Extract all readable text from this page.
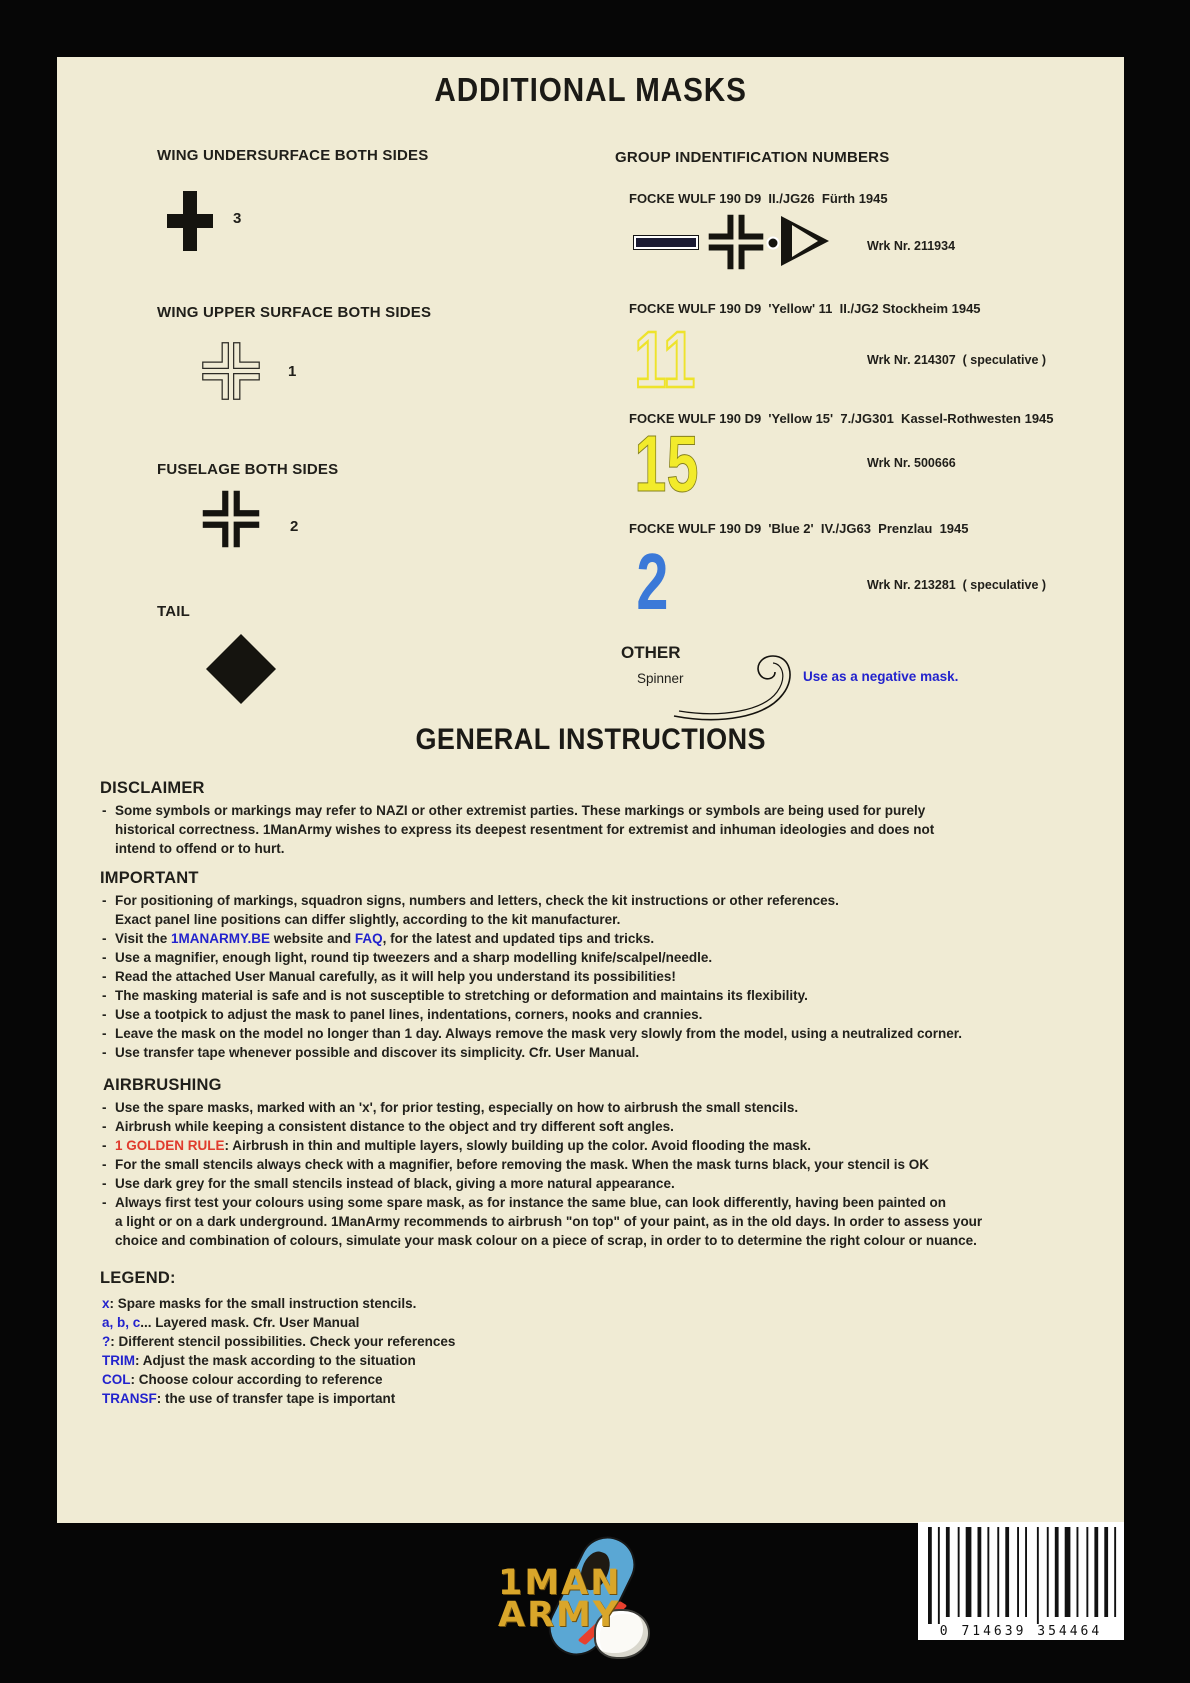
ADDITIONAL MASKS
WING UNDERSURFACE BOTH SIDES
3
WING UPPER SURFACE BOTH SIDES
1
FUSELAGE BOTH SIDES
2
TAIL
GROUP INDENTIFICATION NUMBERS
FOCKE WULF 190 D9  II./JG26  Fürth 1945
Wrk Nr. 211934
FOCKE WULF 190 D9  'Yellow' 11  II./JG2 Stockheim 1945
11	Wrk Nr. 214307  ( speculative )
FOCKE WULF 190 D9  'Yellow 15'  7./JG301  Kassel-Rothwesten 1945
15	Wrk Nr. 500666
FOCKE WULF 190 D9  'Blue 2'  IV./JG63  Prenzlau  1945
2	Wrk Nr. 213281  ( speculative )
OTHER
Spinner	Use as a negative mask.
GENERAL INSTRUCTIONS
DISCLAIMER
- Some symbols or markings may refer to NAZI or other extremist parties. These markings or symbols are being used for purely
historical correctness. 1ManArmy wishes to express its deepest resentment for extremist and inhuman ideologies and does not
intend to offend or to hurt.
IMPORTANT
- For positioning of markings, squadron signs, numbers and letters, check the kit instructions or other references.
Exact panel line positions can differ slightly, according to the kit manufacturer.
- Visit the 1MANARMY.BE website and FAQ, for the latest and updated tips and tricks.
- Use a magnifier, enough light, round tip tweezers and a sharp modelling knife/scalpel/needle.
- Read the attached User Manual carefully, as it will help you understand its possibilities!
- The masking material is safe and is not susceptible to stretching or deformation and maintains its flexibility.
- Use a tootpick to adjust the mask to panel lines, indentations, corners, nooks and crannies.
- Leave the mask on the model no longer than 1 day. Always remove the mask very slowly from the model, using a neutralized corner.
- Use transfer tape whenever possible and discover its simplicity. Cfr. User Manual.
AIRBRUSHING
- Use the spare masks, marked with an 'x', for prior testing, especially on how to airbrush the small stencils.
- Airbrush while keeping a consistent distance to the object and try different soft angles.
- 1 GOLDEN RULE: Airbrush in thin and multiple layers, slowly building up the color. Avoid flooding the mask.
- For the small stencils always check with a magnifier, before removing the mask. When the mask turns black, your stencil is OK
- Use dark grey for the small stencils instead of black, giving a more natural appearance.
- Always first test your colours using some spare mask, as for instance the same blue, can look differently, having been painted on
a light or on a dark underground. 1ManArmy recommends to airbrush "on top" of your paint, as in the old days. In order to assess your
choice and combination of colours, simulate your mask colour on a piece of scrap, in order to to determine the right colour or nuance.
LEGEND:
x: Spare masks for the small instruction stencils.
a, b, c... Layered mask. Cfr. User Manual
?: Different stencil possibilities. Check your references
TRIM: Adjust the mask according to the situation
COL: Choose colour according to reference
TRANSF: the use of transfer tape is important
1MAN
ARMY	0 714639 354464
